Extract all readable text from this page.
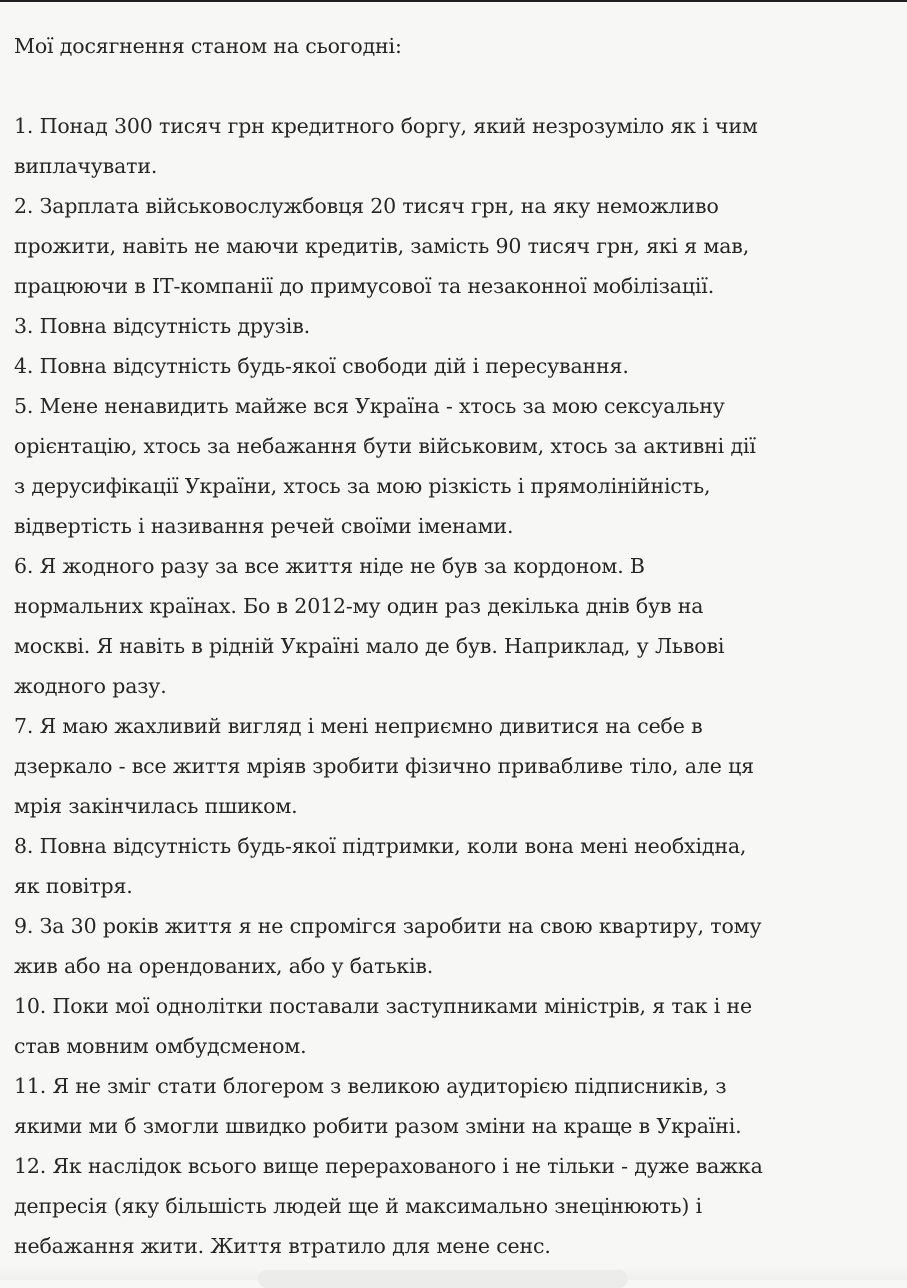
Мої досягнення станом на сьогодні:

1. Понад 300 тисяч грн кредитного боргу, який незрозуміло як і чим
виплачувати.
2. Зарплата військовослужбовця 20 тисяч грн, на яку неможливо
прожити, навіть не маючи кредитів, замість 90 тисяч грн, які я мав,
працюючи в ІТ-компанії до примусової та незаконної мобілізації.
3. Повна відсутність друзів.
4. Повна відсутність будь-якої свободи дій і пересування.
5. Мене ненавидить майже вся Україна - хтось за мою сексуальну
орієнтацію, хтось за небажання бути військовим, хтось за активні дії
з дерусифікації України, хтось за мою різкість і прямолінійність,
відвертість і називання речей своїми іменами.
6. Я жодного разу за все життя ніде не був за кордоном. В
нормальних країнах. Бо в 2012-му один раз декілька днів був на
москві. Я навіть в рідній Україні мало де був. Наприклад, у Львові
жодного разу.
7. Я маю жахливий вигляд і мені неприємно дивитися на себе в
дзеркало - все життя мріяв зробити фізично привабливе тіло, але ця
мрія закінчилась пшиком.
8. Повна відсутність будь-якої підтримки, коли вона мені необхідна,
як повітря.
9. За 30 років життя я не спромігся заробити на свою квартиру, тому
жив або на орендованих, або у батьків.
10. Поки мої однолітки поставали заступниками міністрів, я так і не
став мовним омбудсменом.
11. Я не зміг стати блогером з великою аудиторією підписників, з
якими ми б змогли швидко робити разом зміни на краще в Україні.
12. Як наслідок всього вище перерахованого і не тільки - дуже важка
депресія (яку більшість людей ще й максимально знецінюють) і
небажання жити. Життя втратило для мене сенс.
